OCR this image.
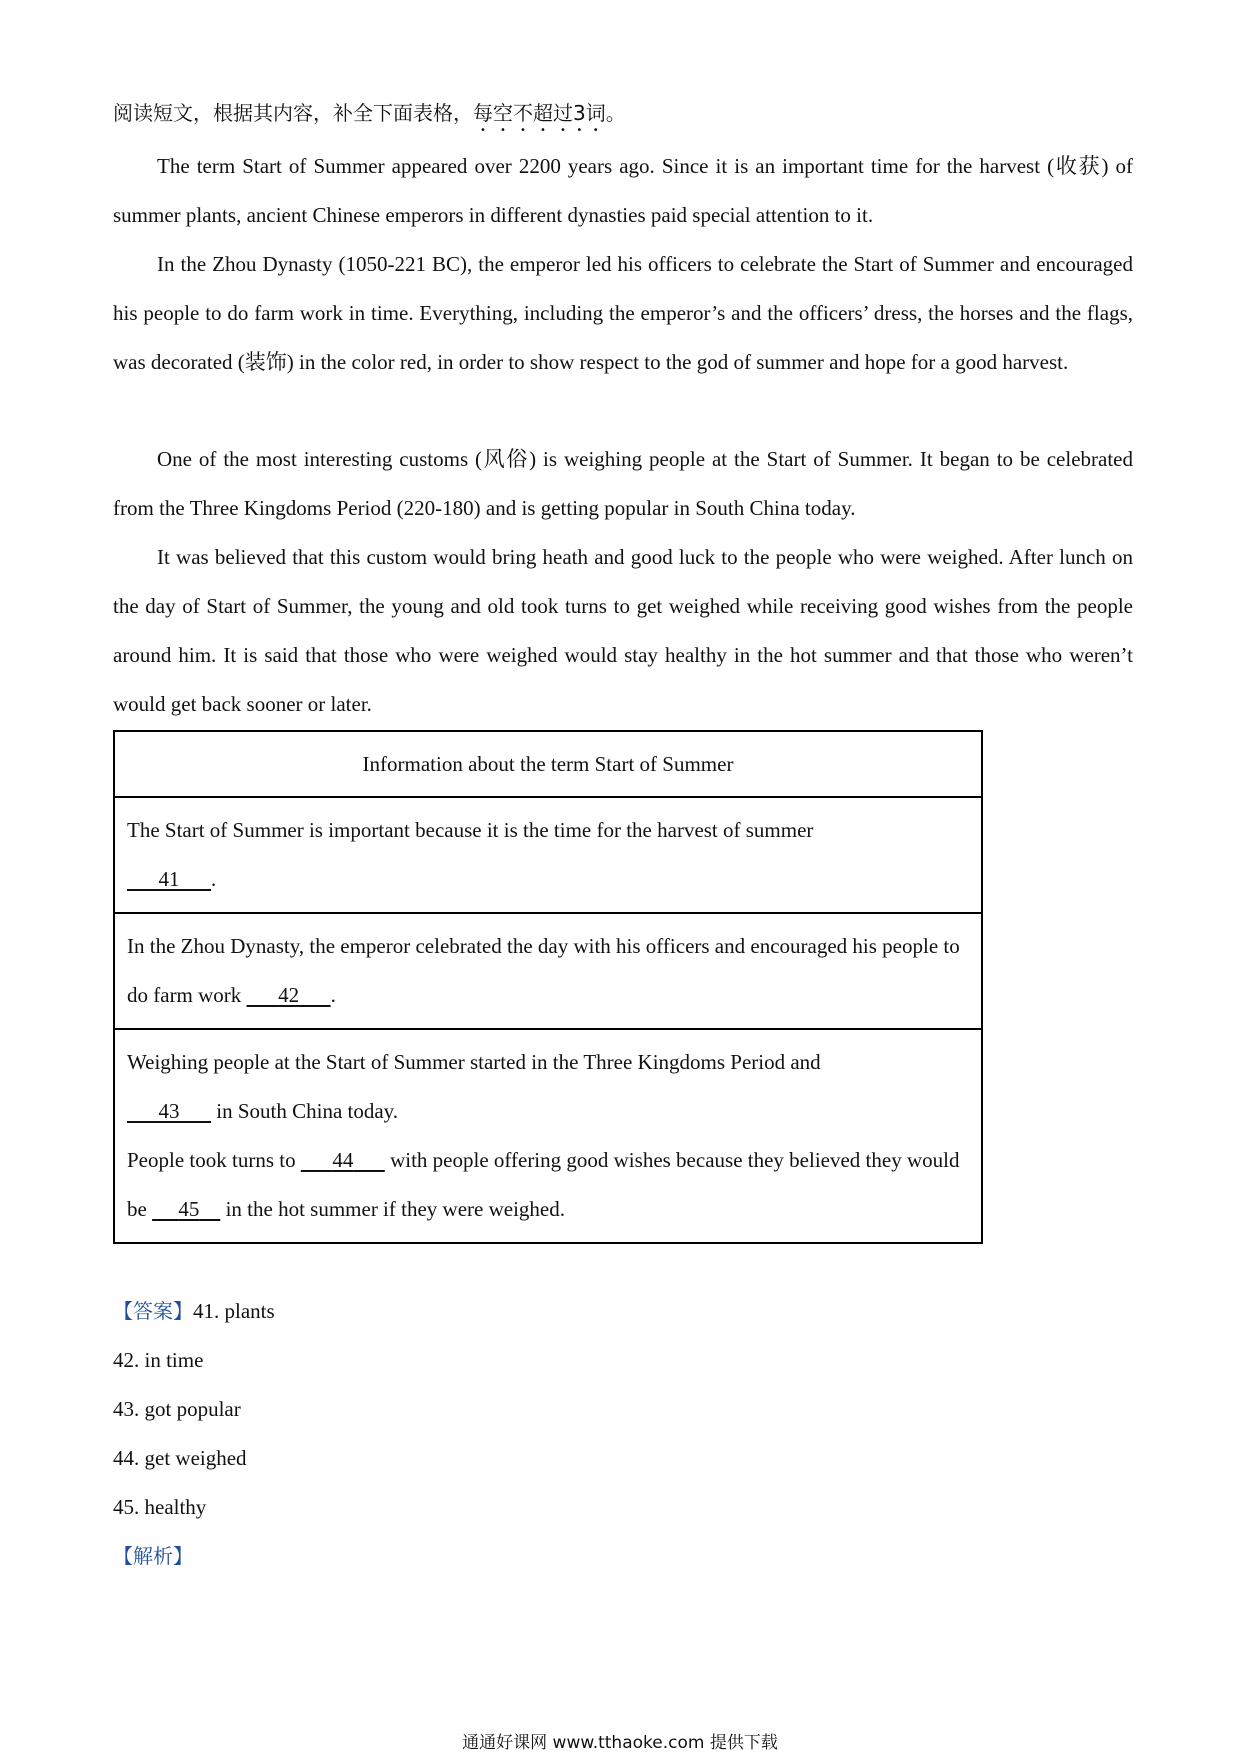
阅读短文，根据其内容，补全下面表格，每空不超过3词。
The term Start of Summer appeared over 2200 years ago. Since it is an important time for the harvest (收获) of summer plants, ancient Chinese emperors in different dynasties paid special attention to it.
In the Zhou Dynasty (1050-221 BC), the emperor led his officers to celebrate the Start of Summer and encouraged his people to do farm work in time. Everything, including the emperor’s and the officers’ dress, the horses and the flags, was decorated (装饰) in the color red, in order to show respect to the god of summer and hope for a good harvest.
One of the most interesting customs (风俗) is weighing people at the Start of Summer. It began to be celebrated from the Three Kingdoms Period (220-180) and is getting popular in South China today.
It was believed that this custom would bring heath and good luck to the people who were weighed. After lunch on the day of Start of Summer, the young and old took turns to get weighed while receiving good wishes from the people around him. It is said that those who were weighed would stay healthy in the hot summer and that those who weren’t would get back sooner or later.
Information about the term Start of Summer
The Start of Summer is important because it is the time for the harvest of summer
41 .
In the Zhou Dynasty, the emperor celebrated the day with his officers and encouraged his people to do farm work 42 .
Weighing people at the Start of Summer started in the Three Kingdoms Period and
43 in South China today.
People took turns to 44 with people offering good wishes because they believed they would be 45 in the hot summer if they were weighed.
【答案】41. plants
42. in time
43. got popular
44. get weighed
45. healthy
【解析】
通通好课网 www.tthaoke.com 提供下载
